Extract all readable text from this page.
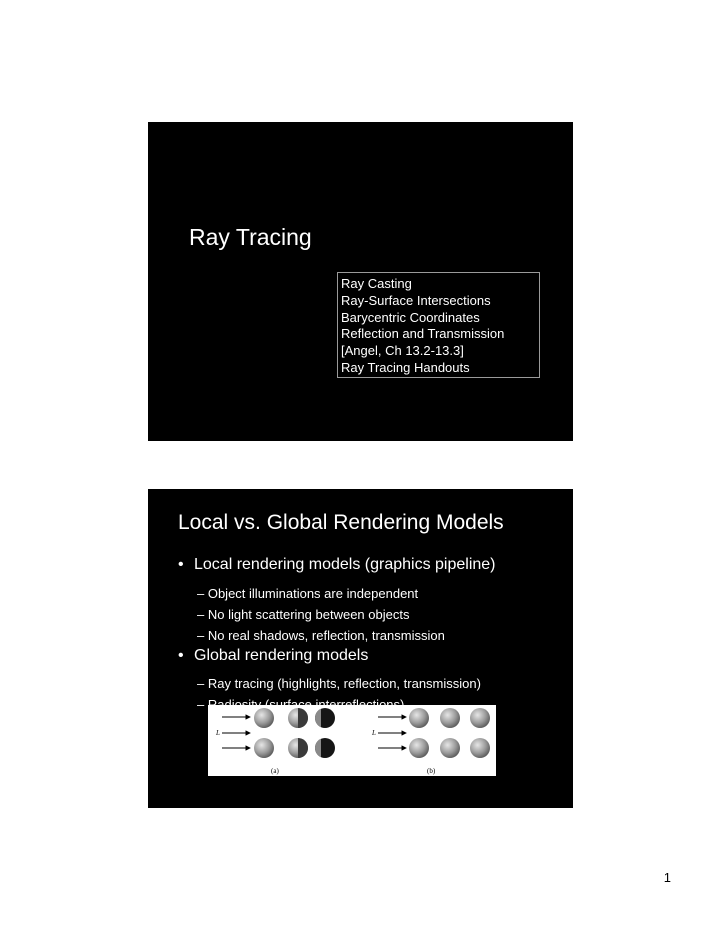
Ray Tracing
Ray Casting
Ray-Surface Intersections
Barycentric Coordinates
Reflection and Transmission
[Angel, Ch 13.2-13.3]
Ray Tracing Handouts
Local vs. Global Rendering Models
• Local rendering models (graphics pipeline)
– Object illuminations are independent
– No light scattering between objects
– No real shadows, reflection, transmission
• Global rendering models
– Ray tracing (highlights, reflection, transmission)
–
L
(a)
L
(b)
1
